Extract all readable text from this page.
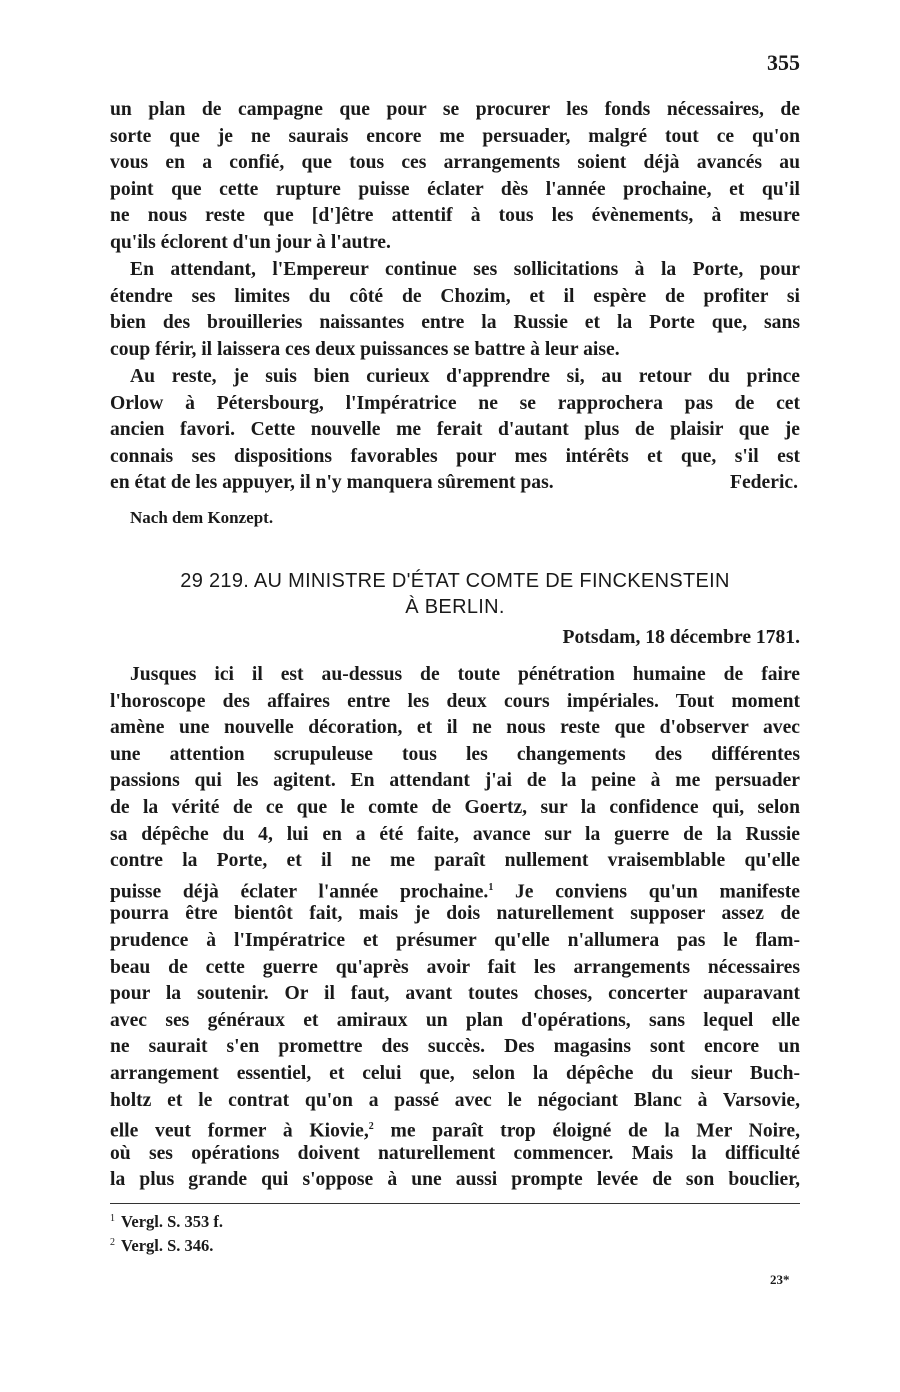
355
un plan de campagne que pour se procurer les fonds nécessaires, de
sorte que je ne saurais encore me persuader, malgré tout ce qu'on
vous en a confié, que tous ces arrangements soient déjà avancés au
point que cette rupture puisse éclater dès l'année prochaine, et qu'il
ne nous reste que [d']être attentif à tous les évènements, à mesure
qu'ils éclorent d'un jour à l'autre.
En attendant, l'Empereur continue ses sollicitations à la Porte, pour
étendre ses limites du côté de Chozim, et il espère de profiter si
bien des brouilleries naissantes entre la Russie et la Porte que, sans
coup férir, il laissera ces deux puissances se battre à leur aise.
Au reste, je suis bien curieux d'apprendre si, au retour du prince
Orlow à Pétersbourg, l'Impératrice ne se rapprochera pas de cet
ancien favori. Cette nouvelle me ferait d'autant plus de plaisir que je
connais ses dispositions favorables pour mes intérêts et que, s'il est
en état de les appuyer, il n'y manquera sûrement pas.	Federic.
Nach dem Konzept.
29 219. AU MINISTRE D'ÉTAT COMTE DE FINCKENSTEIN
À BERLIN.
Potsdam, 18 décembre 1781.
Jusques ici il est au-dessus de toute pénétration humaine de faire
l'horoscope des affaires entre les deux cours impériales. Tout moment
amène une nouvelle décoration, et il ne nous reste que d'observer avec
une attention scrupuleuse tous les changements des différentes
passions qui les agitent. En attendant j'ai de la peine à me persuader
de la vérité de ce que le comte de Goertz, sur la confidence qui, selon
sa dépêche du 4, lui en a été faite, avance sur la guerre de la Russie
contre la Porte, et il ne me paraît nullement vraisemblable qu'elle
puisse déjà éclater l'année prochaine.$^1$ Je conviens qu'un manifeste
pourra être bientôt fait, mais je dois naturellement supposer assez de
prudence à l'Impératrice et présumer qu'elle n'allumera pas le flam-
beau de cette guerre qu'après avoir fait les arrangements nécessaires
pour la soutenir. Or il faut, avant toutes choses, concerter auparavant
avec ses généraux et amiraux un plan d'opérations, sans lequel elle
ne saurait s'en promettre des succès. Des magasins sont encore un
arrangement essentiel, et celui que, selon la dépêche du sieur Buch-
holtz et le contrat qu'on a passé avec le négociant Blanc à Varsovie,
elle veut former à Kiovie,$^2$ me paraît trop éloigné de la Mer Noire,
où ses opérations doivent naturellement commencer. Mais la difficulté
la plus grande qui s'oppose à une aussi prompte levée de son bouclier,
$^1$ Vergl. S. 353 f.
$^2$ Vergl. S. 346.
23*
